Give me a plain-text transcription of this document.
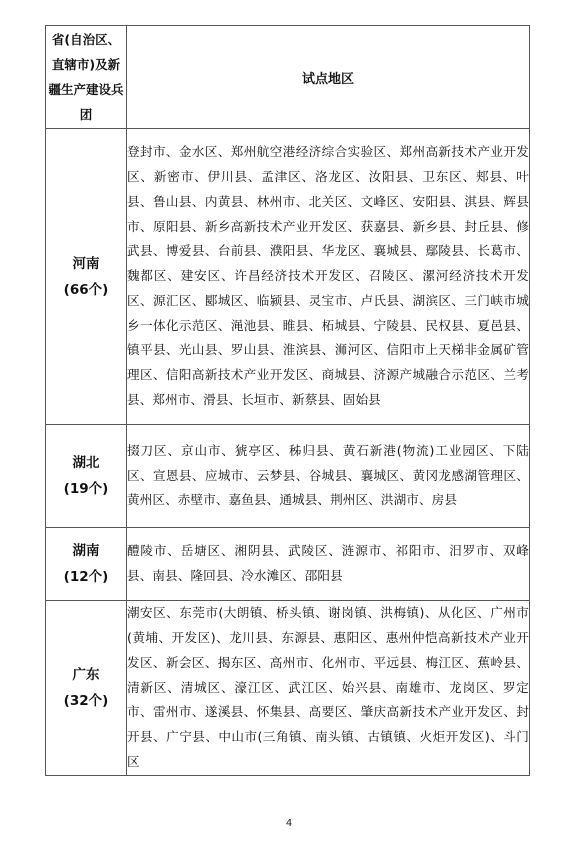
省(自治区、直辖市)及新疆生产建设兵团	试点地区

河南
(66个)	登封市、金水区、郑州航空港经济综合实验区、郑州高新技术产业开发区、新密市、伊川县、孟津区、洛龙区、汝阳县、卫东区、郏县、叶县、鲁山县、内黄县、林州市、北关区、文峰区、安阳县、淇县、辉县市、原阳县、新乡高新技术产业开发区、获嘉县、新乡县、封丘县、修武县、博爱县、台前县、濮阳县、华龙区、襄城县、鄢陵县、长葛市、魏都区、建安区、许昌经济技术开发区、召陵区、漯河经济技术开发区、源汇区、郾城区、临颍县、灵宝市、卢氏县、湖滨区、三门峡市城乡一体化示范区、渑池县、睢县、柘城县、宁陵县、民权县、夏邑县、镇平县、光山县、罗山县、淮滨县、浉河区、信阳市上天梯非金属矿管理区、信阳高新技术产业开发区、商城县、济源产城融合示范区、兰考县、郑州市、滑县、长垣市、新蔡县、固始县

湖北
(19个)	掇刀区、京山市、猇亭区、秭归县、黄石新港(物流)工业园区、下陆区、宣恩县、应城市、云梦县、谷城县、襄城区、黄冈龙感湖管理区、黄州区、赤壁市、嘉鱼县、通城县、荆州区、洪湖市、房县

湖南
(12个)	醴陵市、岳塘区、湘阴县、武陵区、涟源市、祁阳市、汨罗市、双峰县、南县、隆回县、冷水滩区、邵阳县

广东
(32个)	潮安区、东莞市(大朗镇、桥头镇、谢岗镇、洪梅镇)、从化区、广州市(黄埔、开发区)、龙川县、东源县、惠阳区、惠州仲恺高新技术产业开发区、新会区、揭东区、高州市、化州市、平远县、梅江区、蕉岭县、清新区、清城区、濠江区、武江区、始兴县、南雄市、龙岗区、罗定市、雷州市、遂溪县、怀集县、高要区、肇庆高新技术产业开发区、封开县、广宁县、中山市(三角镇、南头镇、古镇镇、火炬开发区)、斗门区
4
